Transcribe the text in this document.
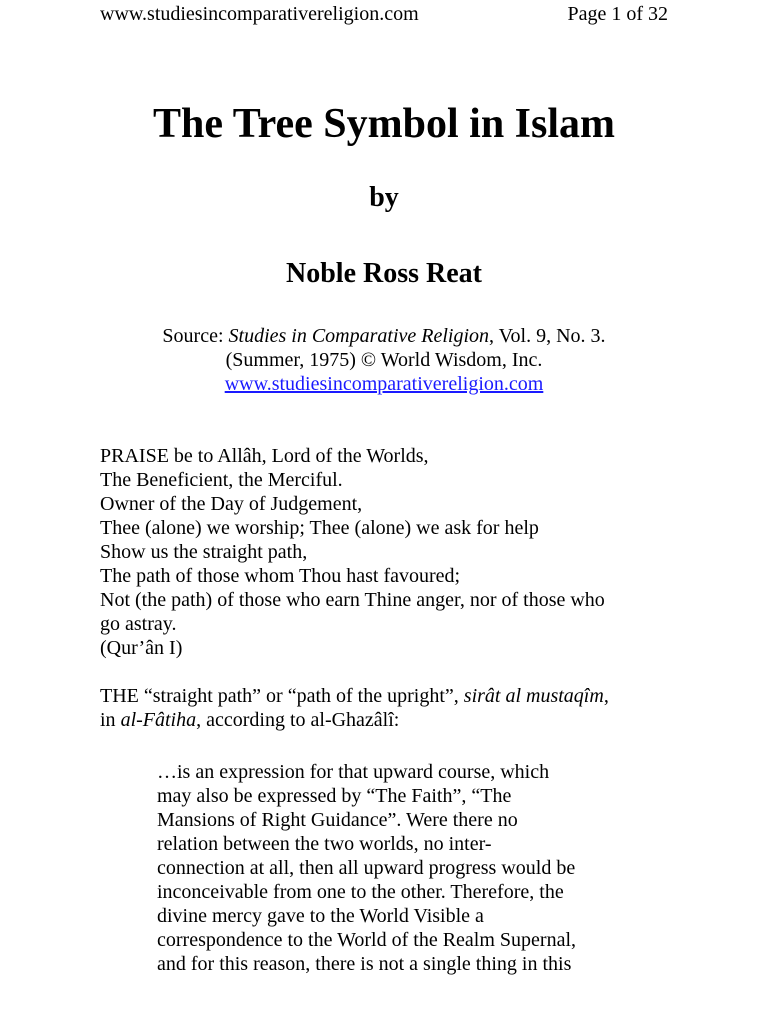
www.studiesincomparativereligion.com	Page 1 of 32
The Tree Symbol in Islam
by
Noble Ross Reat
Source: Studies in Comparative Religion, Vol. 9, No. 3.
(Summer, 1975) © World Wisdom, Inc.
www.studiesincomparativereligion.com
PRAISE be to Allâh, Lord of the Worlds,
The Beneficient, the Merciful.
Owner of the Day of Judgement,
Thee (alone) we worship; Thee (alone) we ask for help
Show us the straight path,
The path of those whom Thou hast favoured;
Not (the path) of those who earn Thine anger, nor of those who
go astray.
(Qur’ân I)
THE “straight path” or “path of the upright”, sirât al mustaqîm,
in al-Fâtiha, according to al-Ghazâlî:
…is an expression for that upward course, which
may also be expressed by “The Faith”, “The
Mansions of Right Guidance”. Were there no
relation between the two worlds, no inter-
connection at all, then all upward progress would be
inconceivable from one to the other. Therefore, the
divine mercy gave to the World Visible a
correspondence to the World of the Realm Supernal,
and for this reason, there is not a single thing in this
